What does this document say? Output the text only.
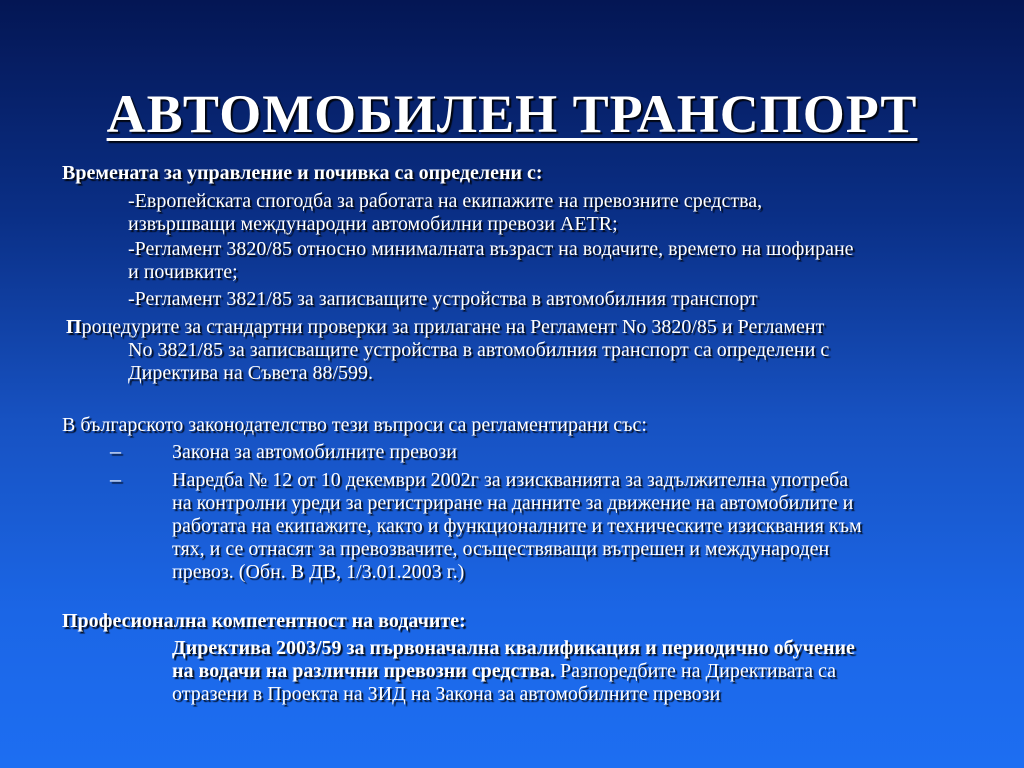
АВТОМОБИЛЕН ТРАНСПОРТ
Времената за управление и почивка са определени с:
-Европейската спогодба за работата на екипажите на превозните средства,
извършващи международни автомобилни превози AETR;
-Регламент 3820/85 относно минималната възраст на водачите, времето на шофиране
и почивките;
-Регламент 3821/85 за записващите устройства в автомобилния транспорт
Процедурите за стандартни проверки за прилагане на Регламент No 3820/85 и Регламент
No 3821/85 за записващите устройства в автомобилния транспорт са определени с
Директива на Съвета 88/599.
В българското законодателство тези въпроси са регламентирани със:
–	Закона за автомобилните превози
–	Наредба № 12 от 10 декември 2002г за изискванията за задължителна употреба
на контролни уреди за регистриране на данните за движение на автомобилите и
работата на екипажите, както и функционалните и техническите изисквания към
тях, и се отнасят за превозвачите, осъществяващи вътрешен и международен
превоз. (Обн. В ДВ, 1/3.01.2003 г.)
Професионална компетентност на водачите:
Директива 2003/59 за първоначална квалификация и периодично обучение
на водачи на различни превозни средства. Разпоредбите на Директивата са
отразени в Проекта на ЗИД на Закона за автомобилните превози
